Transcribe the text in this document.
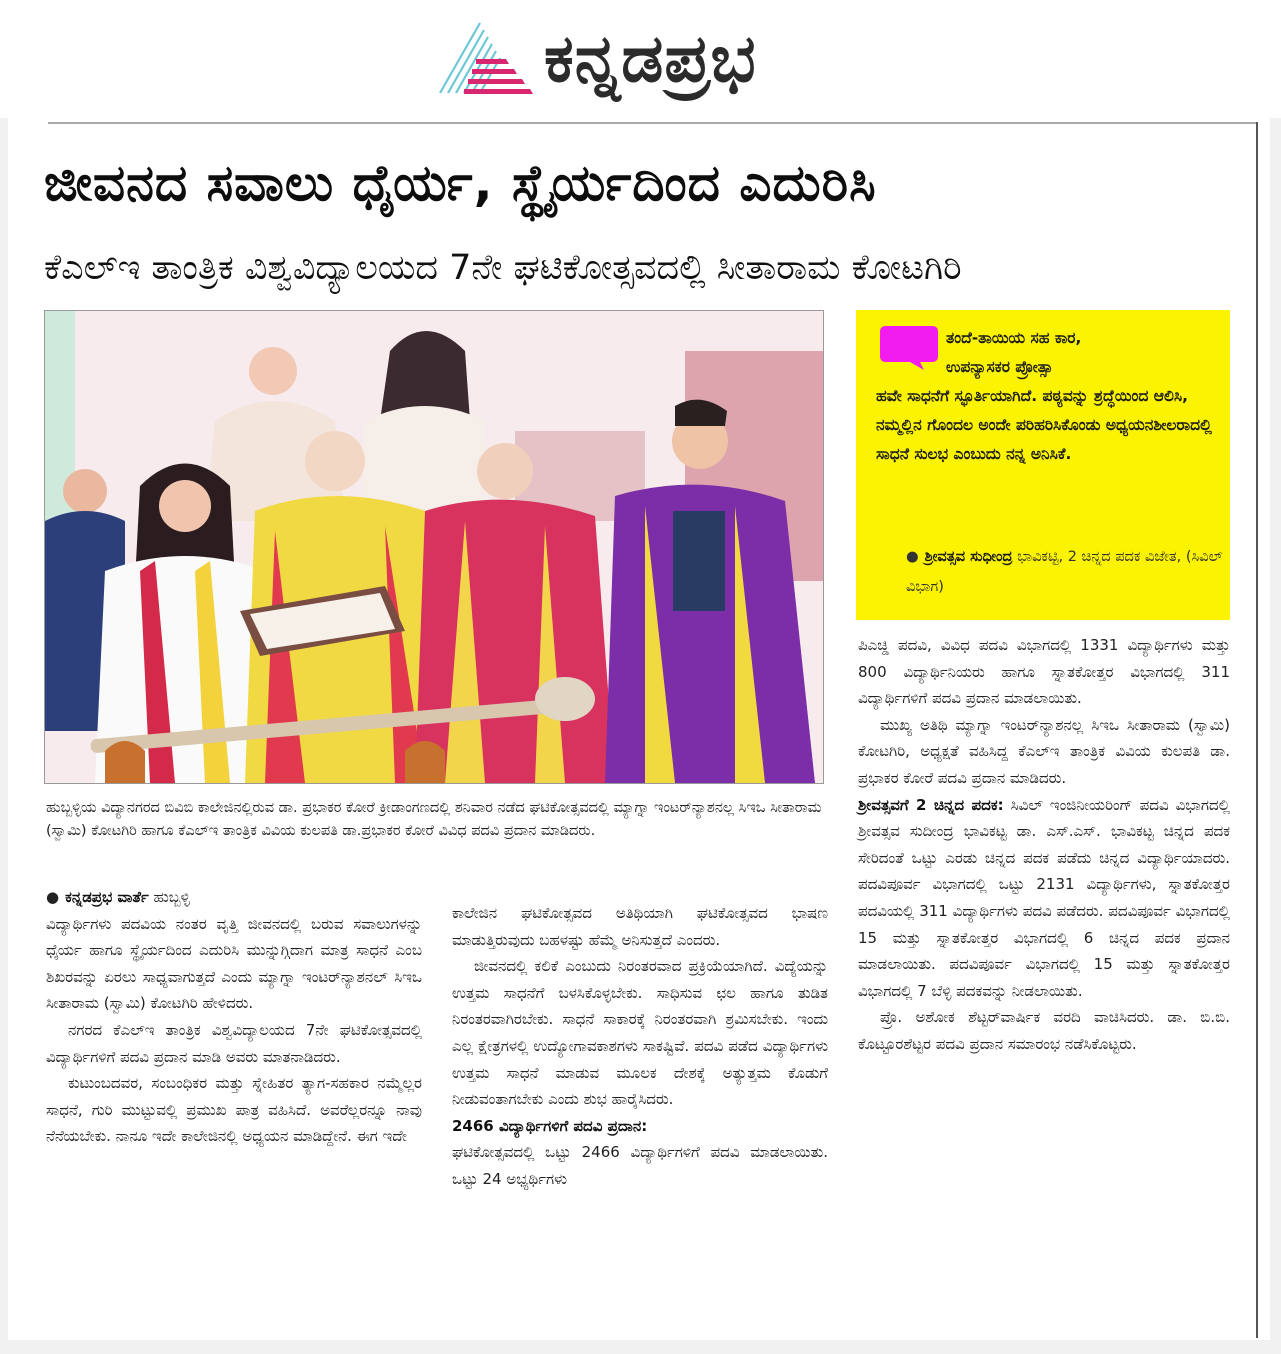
ಕನ್ನಡಪ್ರಭ
ಜೀವನದ ಸವಾಲು ಧೈರ್ಯ, ಸ್ಥೈರ್ಯದಿಂದ ಎದುರಿಸಿ
ಕೆಎಲ್‌ಇ ತಾಂತ್ರಿಕ ವಿಶ್ವವಿದ್ಯಾಲಯದ 7ನೇ ಘಟಿಕೋತ್ಸವದಲ್ಲಿ ಸೀತಾರಾಮ ಕೋಟಗಿರಿ
ಹುಬ್ಬಳ್ಳಿಯ ವಿದ್ಯಾನಗರದ ಬಿವಿಬಿ ಕಾಲೇಜಿನಲ್ಲಿರುವ ಡಾ. ಪ್ರಭಾಕರ ಕೋರೆ ಕ್ರೀಡಾಂಗಣದಲ್ಲಿ ಶನಿವಾರ ನಡೆದ ಘಟಿಕೋತ್ಸವದಲ್ಲಿ ಮ್ಯಾಗ್ನಾ ಇಂಟರ್‌ನ್ಯಾಶನಲ್ಲ ಸಿಇಒ ಸೀತಾರಾಮ (ಸ್ವಾಮಿ) ಕೋಟಗಿರಿ ಹಾಗೂ ಕೆಎಲ್‌ಇ ತಾಂತ್ರಿಕ ವಿವಿಯ ಕುಲಪತಿ ಡಾ.ಪ್ರಭಾಕರ ಕೋರೆ ವಿವಿಧ ಪದವಿ ಪ್ರದಾನ ಮಾಡಿದರು.
ತಂದೆ-ತಾಯಿಯ ಸಹ ಕಾರ,
ಉಪನ್ಯಾಸಕರ ಪ್ರೋತ್ಸಾ
ಹವೇ ಸಾಧನೆಗೆ ಸ್ಫೂರ್ತಿಯಾಗಿದೆ. ಪಠ್ಯವನ್ನು ಶ್ರದ್ಧೆಯಿಂದ ಆಲಿಸಿ, ನಮ್ಮಲ್ಲಿನ ಗೊಂದಲ ಅಂದೇ ಪರಿಹರಿಸಿಕೊಂಡು ಅಧ್ಯಯನಶೀಲರಾದಲ್ಲಿ ಸಾಧನೆ ಸುಲಭ ಎಂಬುದು ನನ್ನ ಅನಿಸಿಕೆ.
● ಶ್ರೀವತ್ಸವ ಸುಧೀಂದ್ರ ಭಾವಿಕಟ್ಟಿ, 2 ಚಿನ್ನದ ಪದಕ ವಿಜೇತ, (ಸಿವಿಲ್ ವಿಭಾಗ)

● ಕನ್ನಡಪ್ರಭ ವಾರ್ತೆ ಹುಬ್ಬಳ್ಳಿ

ವಿದ್ಯಾರ್ಥಿಗಳು ಪದವಿಯ ನಂತರ ವೃತ್ತಿ ಜೀವನದಲ್ಲಿ ಬರುವ ಸವಾಲುಗಳನ್ನು ಧೈರ್ಯ ಹಾಗೂ ಸ್ಥೈರ್ಯದಿಂದ ಎದುರಿಸಿ ಮುನ್ನುಗ್ಗಿದಾಗ ಮಾತ್ರ ಸಾಧನೆ ಎಂಬ ಶಿಖರವನ್ನು ಏರಲು ಸಾಧ್ಯವಾಗುತ್ತದೆ ಎಂದು ಮ್ಯಾಗ್ನಾ ಇಂಟರ್‌ನ್ಯಾಶನಲ್ ಸಿಇಒ ಸೀತಾರಾಮ (ಸ್ವಾಮಿ) ಕೋಟಗಿರಿ ಹೇಳಿದರು.

ನಗರದ ಕೆಎಲ್‌ಇ ತಾಂತ್ರಿಕ ವಿಶ್ವವಿದ್ಯಾಲಯದ 7ನೇ ಘಟಿಕೋತ್ಸವದಲ್ಲಿ ವಿದ್ಯಾರ್ಥಿಗಳಿಗೆ ಪದವಿ ಪ್ರದಾನ ಮಾಡಿ ಅವರು ಮಾತನಾಡಿದರು.

ಕುಟುಂಬದವರ, ಸಂಬಂಧಿಕರ ಮತ್ತು ಸ್ನೇಹಿತರ ತ್ಯಾಗ-ಸಹಕಾರ ನಮ್ಮೆಲ್ಲರ ಸಾಧನೆ, ಗುರಿ ಮುಟ್ಟುವಲ್ಲಿ ಪ್ರಮುಖ ಪಾತ್ರ ವಹಿಸಿದೆ. ಅವರೆಲ್ಲರನ್ನೂ ನಾವು ನೆನೆಯಬೇಕು. ನಾನೂ ಇದೇ ಕಾಲೇಜಿನಲ್ಲಿ ಅಧ್ಯಯನ ಮಾಡಿದ್ದೇನೆ. ಈಗ ಇದೇ

ಕಾಲೇಜಿನ ಘಟಿಕೋತ್ಸವದ ಅತಿಥಿಯಾಗಿ ಘಟಿಕೋತ್ಸವದ ಭಾಷಣ ಮಾಡುತ್ತಿರುವುದು ಬಹಳಷ್ಟು ಹೆಮ್ಮೆ ಅನಿಸುತ್ತದೆ ಎಂದರು.

ಜೀವನದಲ್ಲಿ ಕಲಿಕೆ ಎಂಬುದು ನಿರಂತರವಾದ ಪ್ರಕ್ರಿಯೆಯಾಗಿದೆ. ವಿದ್ಯೆಯನ್ನು ಉತ್ತಮ ಸಾಧನೆಗೆ ಬಳಸಿಕೊಳ್ಳಬೇಕು. ಸಾಧಿಸುವ ಛಲ ಹಾಗೂ ತುಡಿತ ನಿರಂತರವಾಗಿರಬೇಕು. ಸಾಧನೆ ಸಾಕಾರಕ್ಕೆ ನಿರಂತರವಾಗಿ ಶ್ರಮಿಸಬೇಕು. ಇಂದು ಎಲ್ಲ ಕ್ಷೇತ್ರಗಳಲ್ಲಿ ಉದ್ಯೋಗಾವಕಾಶಗಳು ಸಾಕಷ್ಟಿವೆ. ಪದವಿ ಪಡೆದ ವಿದ್ಯಾರ್ಥಿಗಳು ಉತ್ತಮ ಸಾಧನೆ ಮಾಡುವ ಮೂಲಕ ದೇಶಕ್ಕೆ ಅತ್ಯುತ್ತಮ ಕೊಡುಗೆ ನೀಡುವಂತಾಗಬೇಕು ಎಂದು ಶುಭ ಹಾರೈಸಿದರು.

2466 ವಿದ್ಯಾರ್ಥಿಗಳಿಗೆ ಪದವಿ ಪ್ರದಾನ:

ಘಟಿಕೋತ್ಸವದಲ್ಲಿ ಒಟ್ಟು 2466 ವಿದ್ಯಾರ್ಥಿಗಳಿಗೆ ಪದವಿ ಮಾಡಲಾಯಿತು. ಒಟ್ಟು 24 ಅಭ್ಯರ್ಥಿಗಳು

ಪಿಎಚ್ಡಿ ಪದವಿ, ವಿವಿಧ ಪದವಿ ವಿಭಾಗದಲ್ಲಿ 1331 ವಿದ್ಯಾರ್ಥಿಗಳು ಮತ್ತು 800 ವಿದ್ಯಾರ್ಥಿನಿಯರು ಹಾಗೂ ಸ್ನಾತಕೋತ್ತರ ವಿಭಾಗದಲ್ಲಿ 311 ವಿದ್ಯಾರ್ಥಿಗಳಿಗೆ ಪದವಿ ಪ್ರದಾನ ಮಾಡಲಾಯಿತು.

ಮುಖ್ಯ ಅತಿಥಿ ಮ್ಯಾಗ್ನಾ ಇಂಟರ್‌ನ್ಯಾಶನಲ್ಲ ಸಿಇಒ ಸೀತಾರಾಮ (ಸ್ವಾಮಿ) ಕೋಟಗಿರಿ, ಅಧ್ಯಕ್ಷತೆ ವಹಿಸಿದ್ದ ಕೆಎಲ್‌ಇ ತಾಂತ್ರಿಕ ವಿವಿಯ ಕುಲಪತಿ ಡಾ. ಪ್ರಭಾಕರ ಕೋರೆ ಪದವಿ ಪ್ರದಾನ ಮಾಡಿದರು.

ಶ್ರೀವತ್ಸವಗೆ 2 ಚಿನ್ನದ ಪದಕ: ಸಿವಿಲ್ ಇಂಜಿನೀಯರಿಂಗ್ ಪದವಿ ವಿಭಾಗದಲ್ಲಿ ಶ್ರೀವತ್ಸವ ಸುದೀಂದ್ರ ಭಾವಿಕಟ್ಟ ಡಾ. ಎಸ್.ಎಸ್. ಭಾವಿಕಟ್ಟ ಚಿನ್ನದ ಪದಕ ಸೇರಿದಂತೆ ಒಟ್ಟು ಎರಡು ಚಿನ್ನದ ಪದಕ ಪಡೆದು ಚಿನ್ನದ ವಿದ್ಯಾರ್ಥಿಯಾದರು. ಪದವಿಪೂರ್ವ ವಿಭಾಗದಲ್ಲಿ ಒಟ್ಟು 2131 ವಿದ್ಯಾರ್ಥಿಗಳು, ಸ್ನಾತಕೋತ್ತರ ಪದವಿಯಲ್ಲಿ 311 ವಿದ್ಯಾರ್ಥಿಗಳು ಪದವಿ ಪಡೆದರು. ಪದವಿಪೂರ್ವ ವಿಭಾಗದಲ್ಲಿ 15 ಮತ್ತು ಸ್ನಾತಕೋತ್ತರ ವಿಭಾಗದಲ್ಲಿ 6 ಚಿನ್ನದ ಪದಕ ಪ್ರದಾನ ಮಾಡಲಾಯಿತು. ಪದವಿಪೂರ್ವ ವಿಭಾಗದಲ್ಲಿ 15 ಮತ್ತು ಸ್ನಾತಕೋತ್ತರ ವಿಭಾಗದಲ್ಲಿ 7 ಬೆಳ್ಳಿ ಪದಕವನ್ನು ನೀಡಲಾಯಿತು.

ಪ್ರೊ. ಅಶೋಕ ಶೆಟ್ಟರ್‌ವಾರ್ಷಿಕ ವರದಿ ವಾಚಿಸಿದರು. ಡಾ. ಬಿ.ಬಿ. ಕೊಟ್ಟೂರಶೆಟ್ಟರ ಪದವಿ ಪ್ರದಾನ ಸಮಾರಂಭ ನಡೆಸಿಕೊಟ್ಟರು.
